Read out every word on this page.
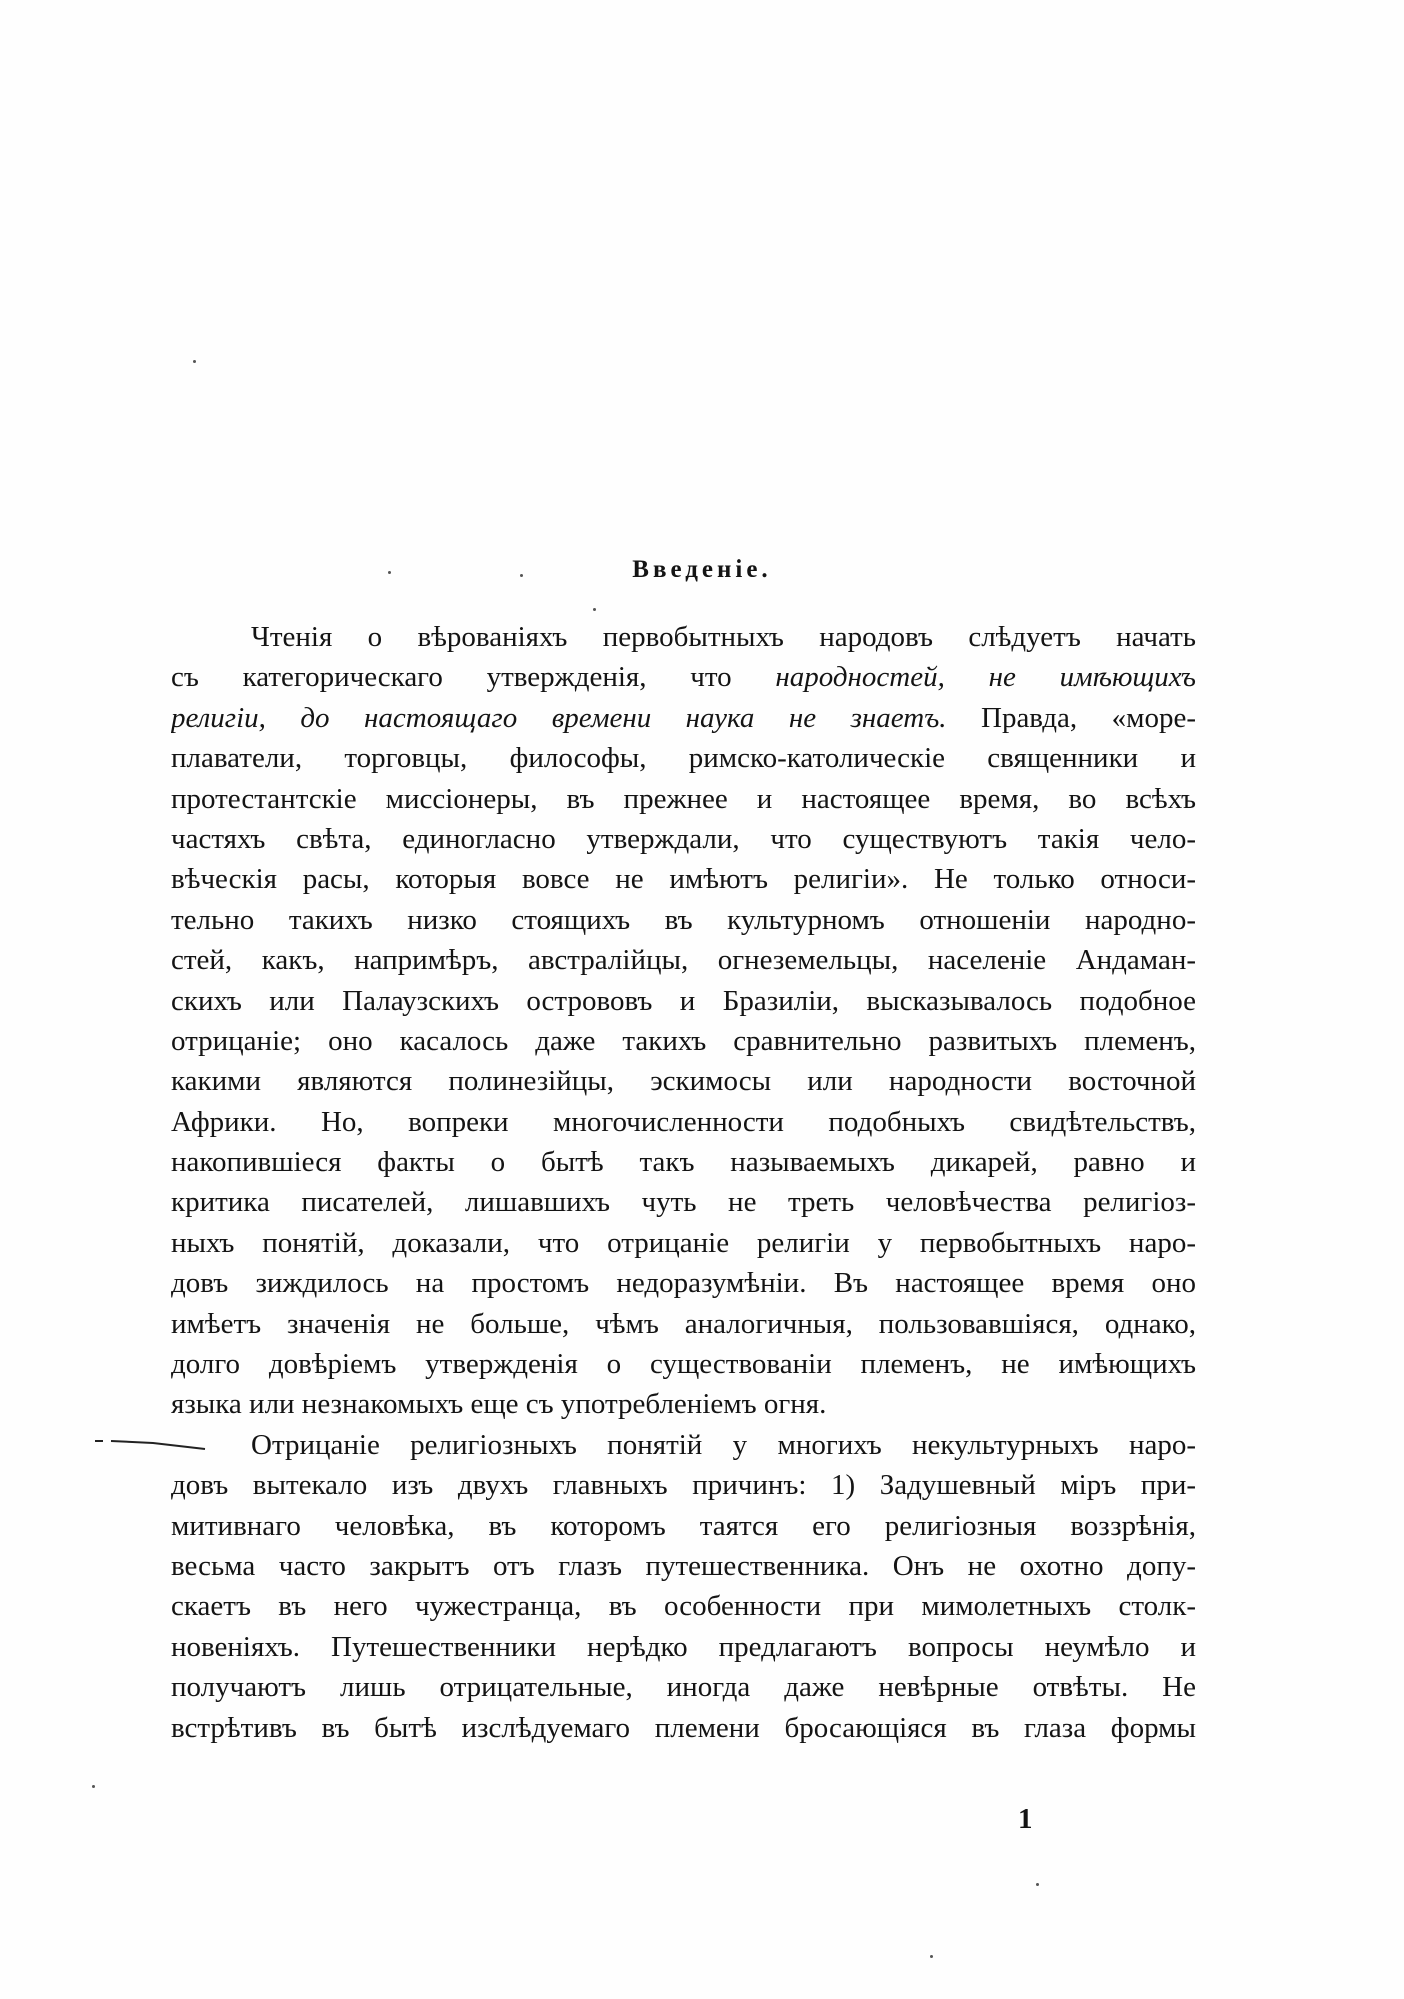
Введеніе.
Чтенія о вѣрованіяхъ первобытныхъ народовъ слѣдуетъ начать
съ категорическаго утвержденія, что народностей, не имѣющихъ
религіи, до настоящаго времени наука не знаетъ. Правда, «море-
плаватели, торговцы, философы, римско-католическіе священники и
протестантскіе миссіонеры, въ прежнее и настоящее время, во всѣхъ
частяхъ свѣта, единогласно утверждали, что существуютъ такія чело-
вѣческія расы, которыя вовсе не имѣютъ религіи». Не только относи-
тельно такихъ низко стоящихъ въ культурномъ отношеніи народно-
стей, какъ, напримѣръ, австралійцы, огнеземельцы, населеніе Андаман-
скихъ или Палаузскихъ острововъ и Бразиліи, высказывалось подобное
отрицаніе; оно касалось даже такихъ сравнительно развитыхъ племенъ,
какими являются полинезійцы, эскимосы или народности восточной
Африки. Но, вопреки многочисленности подобныхъ свидѣтельствъ,
накопившіеся факты о бытѣ такъ называемыхъ дикарей, равно и
критика писателей, лишавшихъ чуть не треть человѣчества религіоз-
ныхъ понятій, доказали, что отрицаніе религіи у первобытныхъ наро-
довъ зиждилось на простомъ недоразумѣніи. Въ настоящее время оно
имѣетъ значенія не больше, чѣмъ аналогичныя, пользовавшіяся, однако,
долго довѣріемъ утвержденія о существованіи племенъ, не имѣющихъ
языка или незнакомыхъ еще съ употребленіемъ огня.
Отрицаніе религіозныхъ понятій у многихъ некультурныхъ наро-
довъ вытекало изъ двухъ главныхъ причинъ: 1) Задушевный міръ при-
митивнаго человѣка, въ которомъ таятся его религіозныя воззрѣнія,
весьма часто закрытъ отъ глазъ путешественника. Онъ не охотно допу-
скаетъ въ него чужестранца, въ особенности при мимолетныхъ столк-
новеніяхъ. Путешественники нерѣдко предлагаютъ вопросы неумѣло и
получаютъ лишь отрицательные, иногда даже невѣрные отвѣты. Не
встрѣтивъ въ бытѣ изслѣдуемаго племени бросающіяся въ глаза формы
1
